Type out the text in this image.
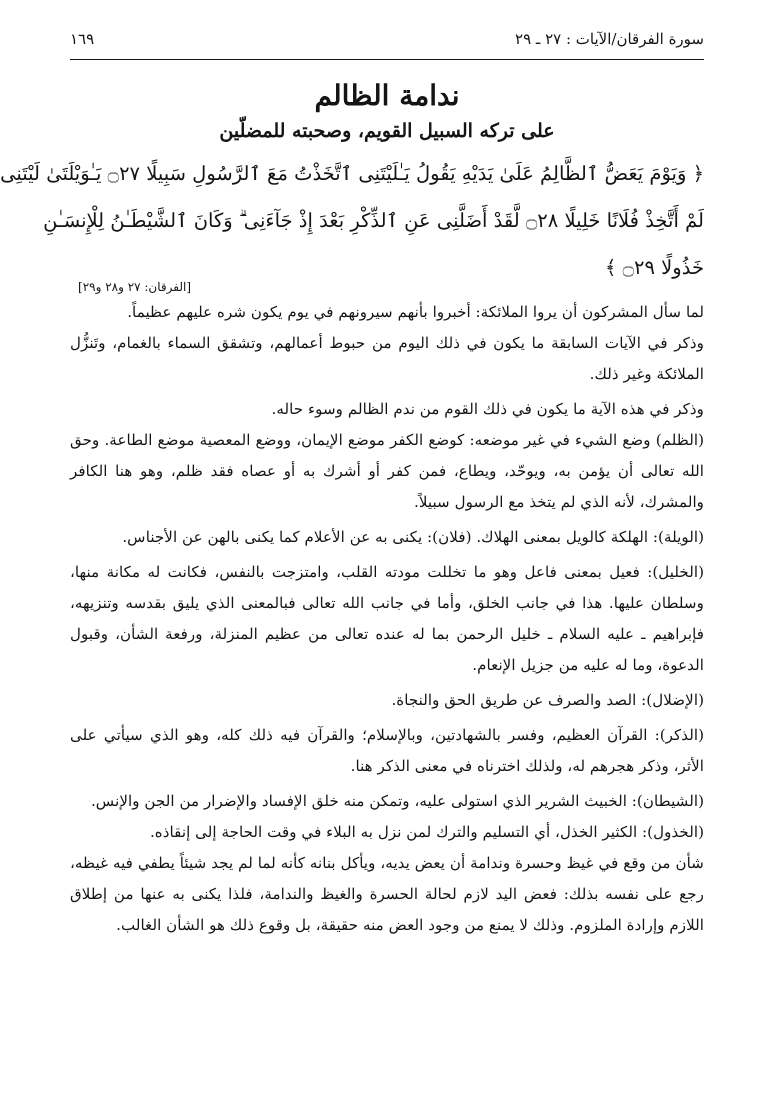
سورة الفرقان/الآيات : ٢٧ ـ ٢٩
١٦٩
ندامة الظالم
على تركه السبيل القويم، وصحبته للمضلّين
﴿ وَيَوْمَ يَعَضُّ ٱلظَّالِمُ عَلَىٰ يَدَيْهِ يَقُولُ يَـٰلَيْتَنِى ٱتَّخَذْتُ مَعَ ٱلرَّسُولِ سَبِيلًا ۝٢٧ يَـٰوَيْلَتَىٰ لَيْتَنِى
لَمْ أَتَّخِذْ فُلَانًا خَلِيلًا ۝٢٨ لَّقَدْ أَضَلَّنِى عَنِ ٱلذِّكْرِ بَعْدَ إِذْ جَآءَنِى ۗ وَكَانَ ٱلشَّيْطَـٰنُ لِلْإِنسَـٰنِ
خَذُولًا ۝٢٩ ﴾
[الفرقان: ٢٧ و٢٨ و٢٩]

لما سأل المشركون أن يروا الملائكة: أخبروا بأنهم سيرونهم في يوم يكون شره عليهم عظيماً.

وذكر في الآيات السابقة ما يكون في ذلك اليوم من حبوط أعمالهم، وتشقق السماء بالغمام، وتَنزُّل الملائكة وغير ذلك.

وذكر في هذه الآية ما يكون في ذلك القوم من ندم الظالم وسوء حاله.

(الظلم) وضع الشيء في غير موضعه: كوضع الكفر موضع الإيمان، ووضع المعصية موضع الطاعة. وحق الله تعالى أن يؤمن به، ويوحّد، ويطاع، فمن كفر أو أشرك به أو عصاه فقد ظلم، وهو هنا الكافر والمشرك، لأنه الذي لم يتخذ مع الرسول سبيلاً.

(الويلة): الهلكة كالويل بمعنى الهلاك. (فلان): يكنى به عن الأعلام كما يكنى بالهن عن الأجناس.

(الخليل): فعيل بمعنى فاعل وهو ما تخللت مودته القلب، وامتزجت بالنفس، فكانت له مكانة منها، وسلطان عليها. هذا في جانب الخلق، وأما في جانب الله تعالى فبالمعنى الذي يليق بقدسه وتنزيهه، فإبراهيم ـ عليه السلام ـ خليل الرحمن بما له عنده تعالى من عظيم المنزلة، ورفعة الشأن، وقبول الدعوة، وما له عليه من جزيل الإنعام.

(الإضلال): الصد والصرف عن طريق الحق والنجاة.

(الذكر): القرآن العظيم، وفسر بالشهادتين، وبالإسلام؛ والقرآن فيه ذلك كله، وهو الذي سيأتي على الأثر، وذكر هجرهم له، ولذلك اخترناه في معنى الذكر هنا.

(الشيطان): الخبيث الشرير الذي استولى عليه، وتمكن منه خلق الإفساد والإضرار من الجن والإنس.

(الخذول): الكثير الخذل، أي التسليم والترك لمن نزل به البلاء في وقت الحاجة إلى إنقاذه.

شأن من وقع في غيظ وحسرة وندامة أن يعض يديه، ويأكل بنانه كأنه لما لم يجد شيئاً يطفي فيه غيظه، رجع على نفسه بذلك: فعض اليد لازم لحالة الحسرة والغيظ والندامة، فلذا يكنى به عنها من إطلاق اللازم وإرادة الملزوم. وذلك لا يمنع من وجود العض منه حقيقة، بل وقوع ذلك هو الشأن الغالب.
